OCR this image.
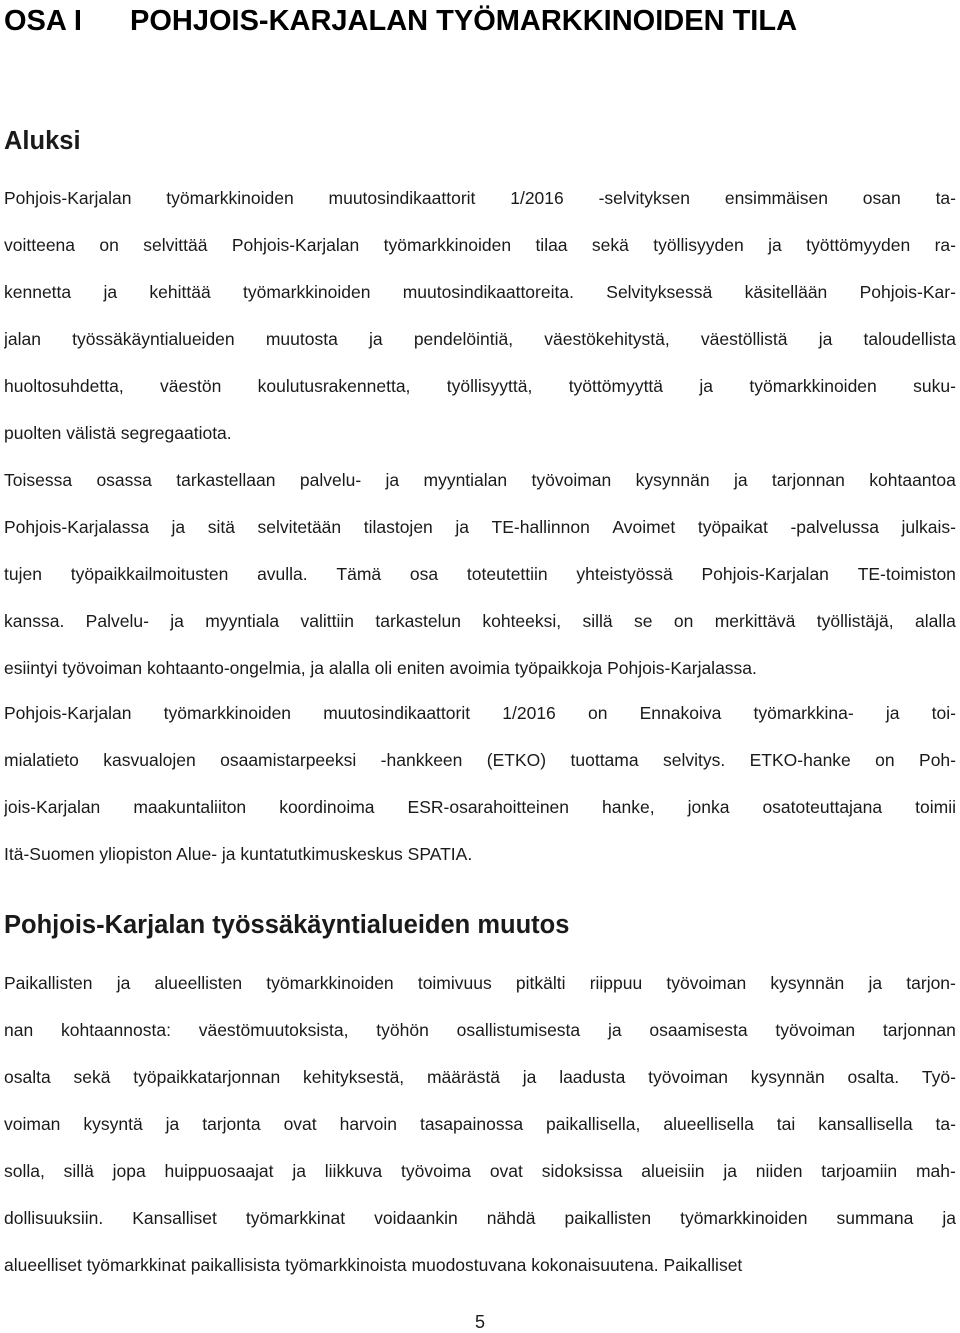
OSA I POHJOIS-KARJALAN TYÖMARKKINOIDEN TILA
Aluksi
Pohjois-Karjalan työmarkkinoiden muutosindikaattorit 1/2016 -selvityksen ensimmäisen osan ta-
voitteena on selvittää Pohjois-Karjalan työmarkkinoiden tilaa sekä työllisyyden ja työttömyyden ra-
kennetta ja kehittää työmarkkinoiden muutosindikaattoreita. Selvityksessä käsitellään Pohjois-Kar-
jalan työssäkäyntialueiden muutosta ja pendelöintiä, väestökehitystä, väestöllistä ja taloudellista
huoltosuhdetta, väestön koulutusrakennetta, työllisyyttä, työttömyyttä ja työmarkkinoiden suku-
puolten välistä segregaatiota.
Toisessa osassa tarkastellaan palvelu- ja myyntialan työvoiman kysynnän ja tarjonnan kohtaantoa
Pohjois-Karjalassa ja sitä selvitetään tilastojen ja TE-hallinnon Avoimet työpaikat -palvelussa julkais-
tujen työpaikkailmoitusten avulla. Tämä osa toteutettiin yhteistyössä Pohjois-Karjalan TE-toimiston
kanssa. Palvelu- ja myyntiala valittiin tarkastelun kohteeksi, sillä se on merkittävä työllistäjä, alalla
esiintyi työvoiman kohtaanto-ongelmia, ja alalla oli eniten avoimia työpaikkoja Pohjois-Karjalassa.
Pohjois-Karjalan työmarkkinoiden muutosindikaattorit 1/2016 on Ennakoiva työmarkkina- ja toi-
mialatieto kasvualojen osaamistarpeeksi -hankkeen (ETKO) tuottama selvitys. ETKO-hanke on Poh-
jois-Karjalan maakuntaliiton koordinoima ESR-osarahoitteinen hanke, jonka osatoteuttajana toimii
Itä-Suomen yliopiston Alue- ja kuntatutkimuskeskus SPATIA.
Pohjois-Karjalan työssäkäyntialueiden muutos
Paikallisten ja alueellisten työmarkkinoiden toimivuus pitkälti riippuu työvoiman kysynnän ja tarjon-
nan kohtaannosta: väestömuutoksista, työhön osallistumisesta ja osaamisesta työvoiman tarjonnan
osalta sekä työpaikkatarjonnan kehityksestä, määrästä ja laadusta työvoiman kysynnän osalta. Työ-
voiman kysyntä ja tarjonta ovat harvoin tasapainossa paikallisella, alueellisella tai kansallisella ta-
solla, sillä jopa huippuosaajat ja liikkuva työvoima ovat sidoksissa alueisiin ja niiden tarjoamiin mah-
dollisuuksiin. Kansalliset työmarkkinat voidaankin nähdä paikallisten työmarkkinoiden summana ja
alueelliset työmarkkinat paikallisista työmarkkinoista muodostuvana kokonaisuutena. Paikalliset
5
